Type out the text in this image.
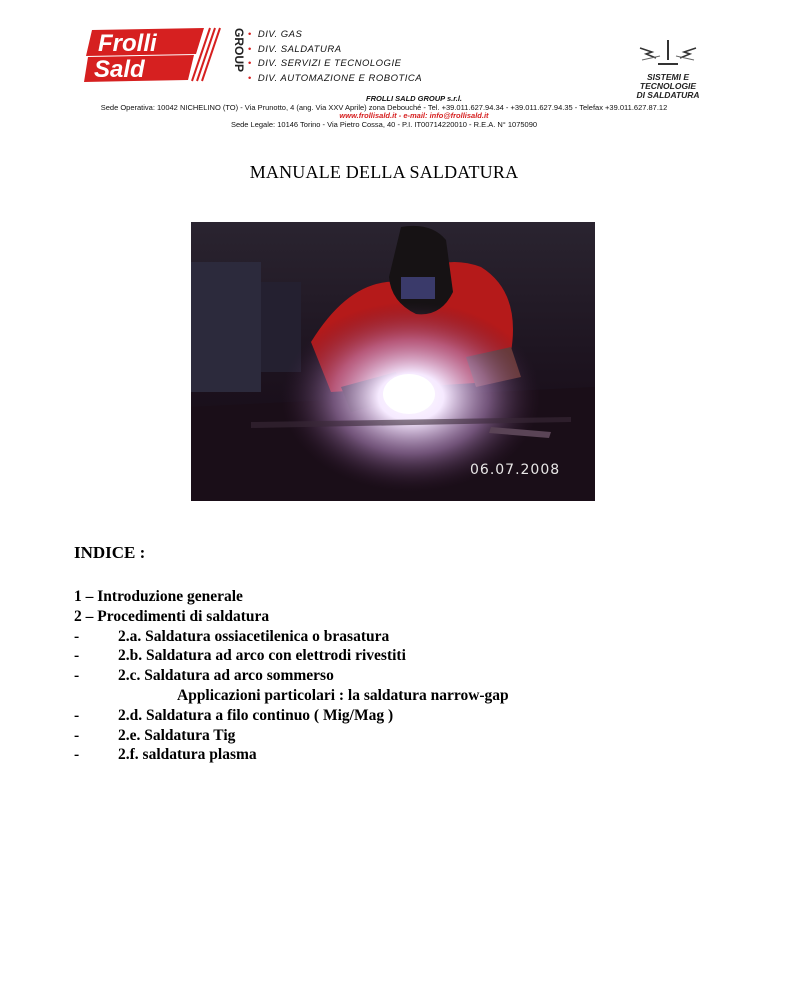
Frolli
Sald	GROUP • DIV. GAS
• DIV. SALDATURA
• DIV. SERVIZI E TECNOLOGIE
• DIV. AUTOMAZIONE E ROBOTICA	SISTEMI E TECNOLOGIE
DI SALDATURA
FROLLI SALD GROUP s.r.l.
Sede Operativa: 10042 NICHELINO (TO) - Via Prunotto, 4 (ang. Via XXV Aprile) zona Debouché - Tel. +39.011.627.94.34 - +39.011.627.94.35 - Telefax +39.011.627.87.12
www.frollisald.it - e-mail: info@frollisald.it
Sede Legale: 10146 Torino - Via Pietro Cossa, 40 - P.I. IT00714220010 - R.E.A. N° 1075090
MANUALE DELLA SALDATURA
06.07.2008
INDICE :
1 – Introduzione generale
2 – Procedimenti di saldatura
-	2.a. Saldatura ossiacetilenica o brasatura
-	2.b. Saldatura ad arco con elettrodi rivestiti
-	2.c. Saldatura ad arco sommerso
Applicazioni particolari : la saldatura narrow-gap
-	2.d. Saldatura a filo continuo ( Mig/Mag )
-	2.e. Saldatura Tig
-	2.f. saldatura plasma
